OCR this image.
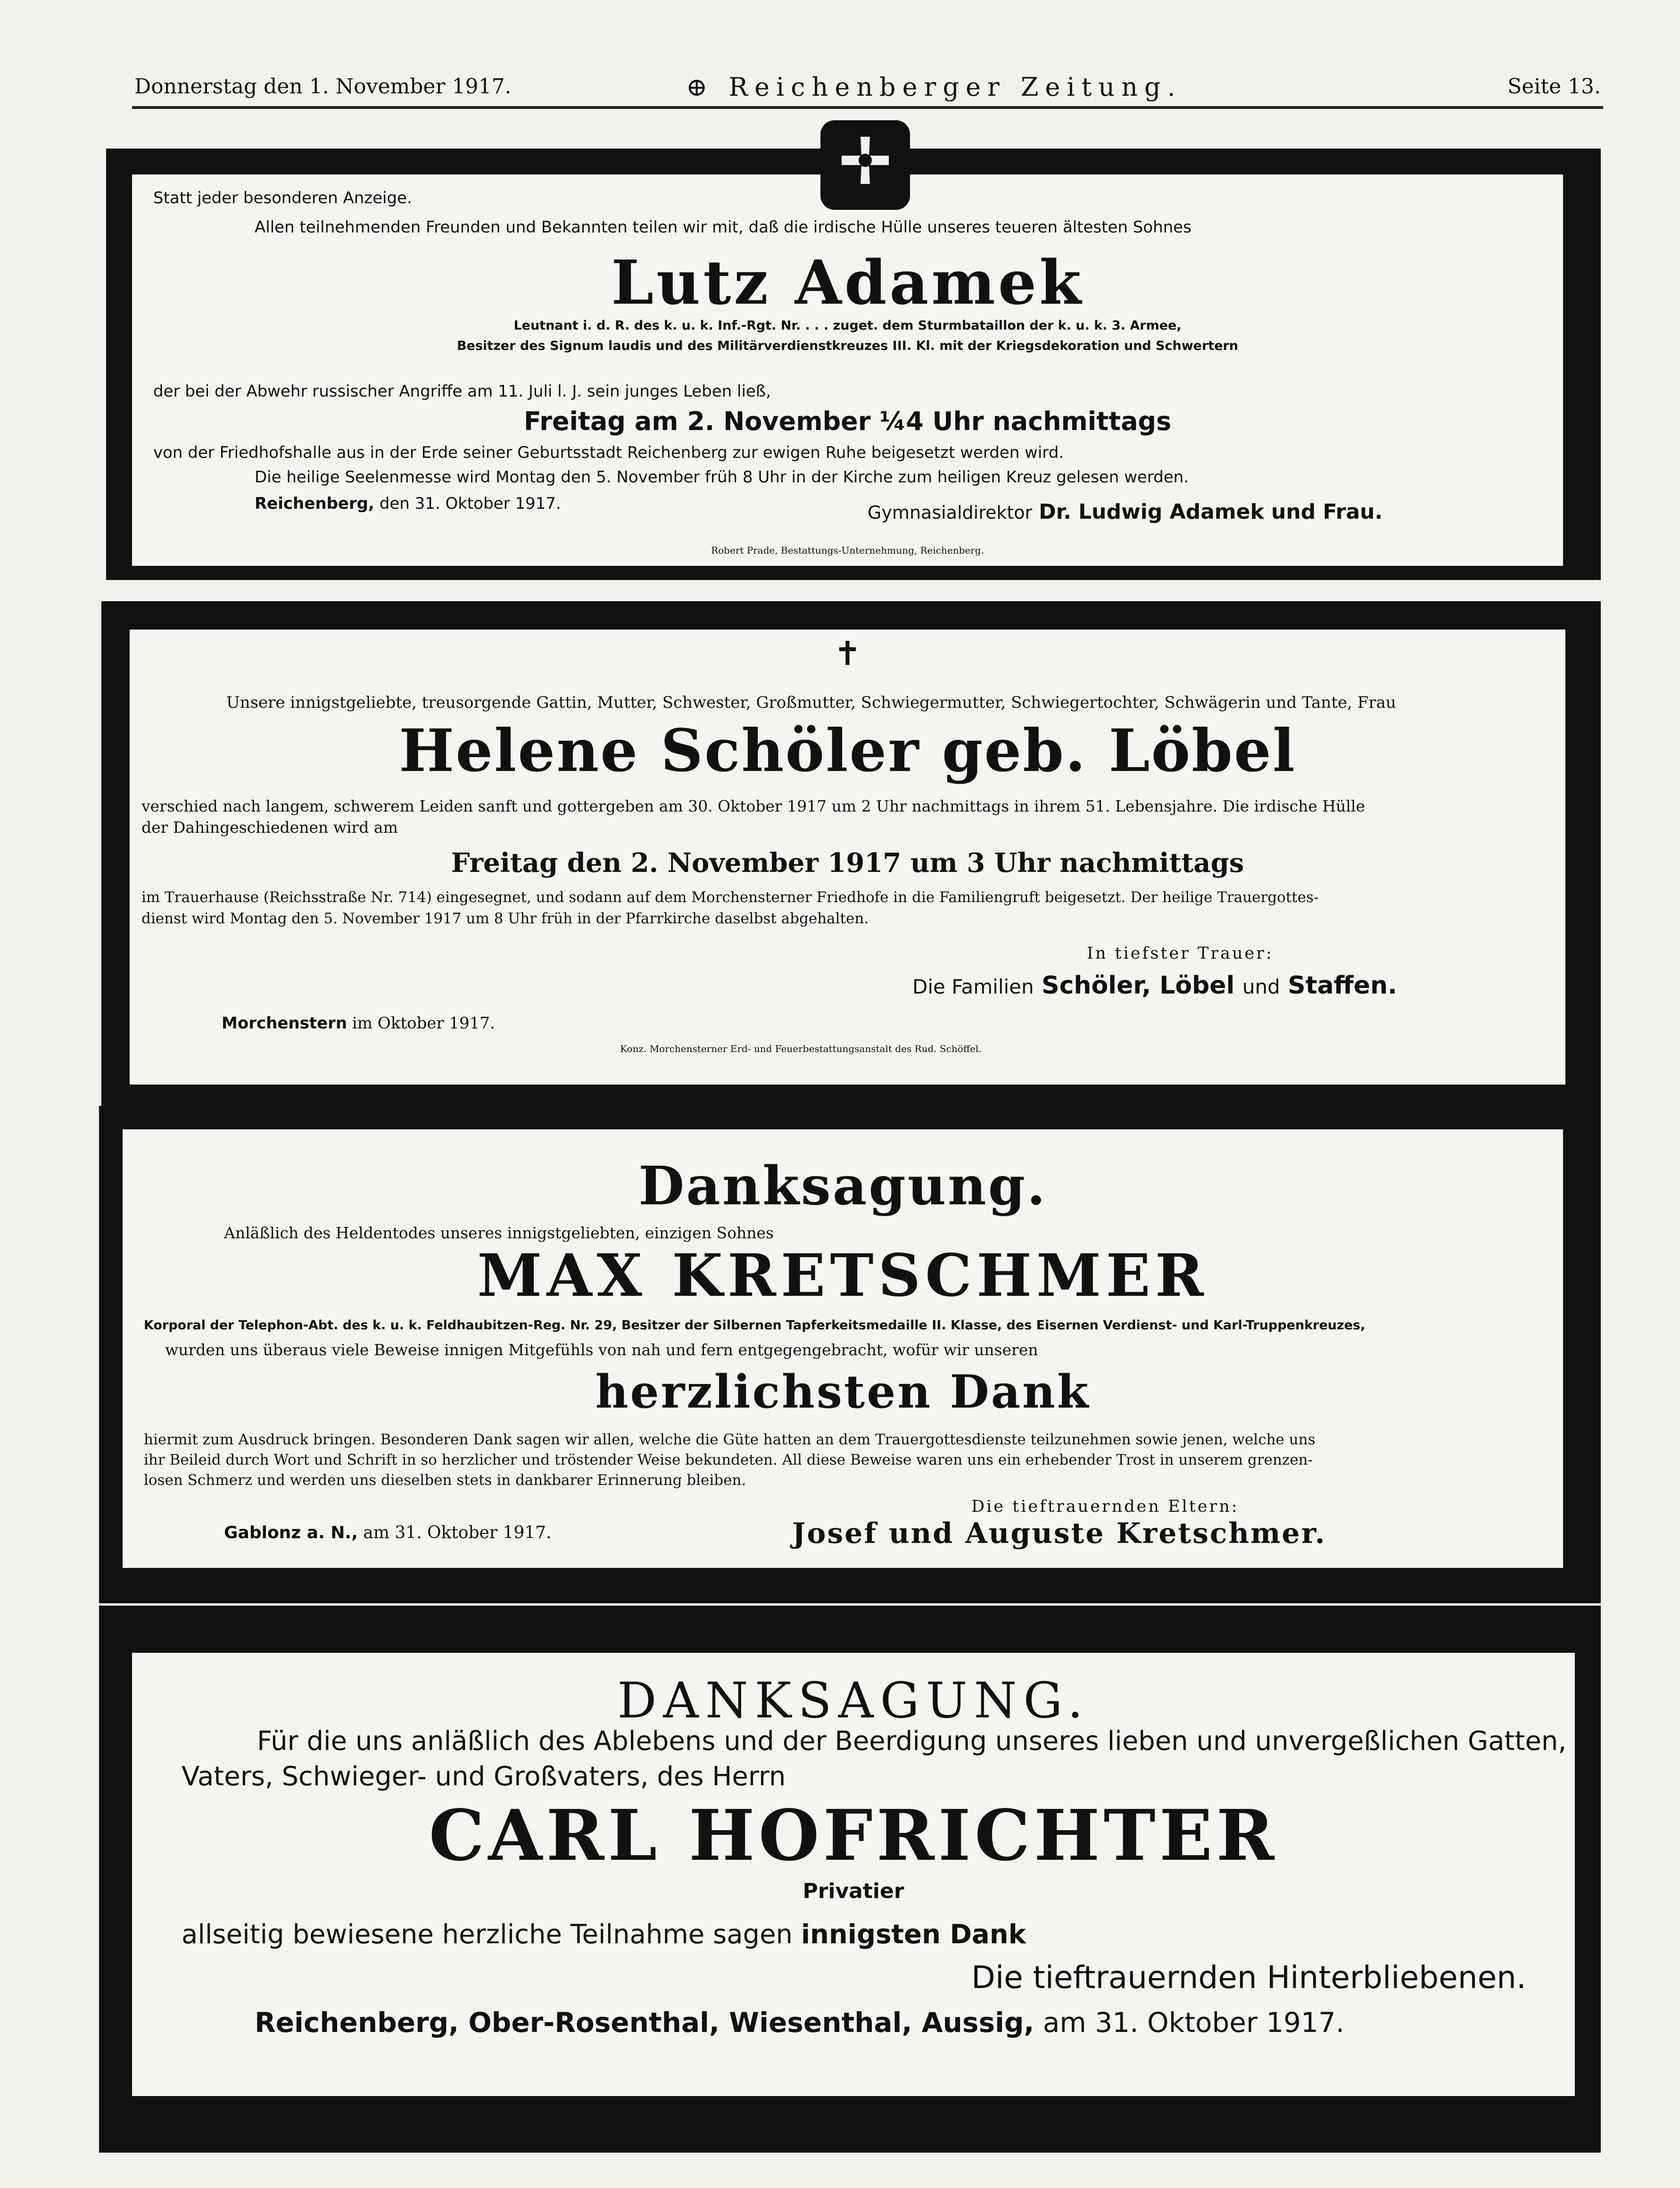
Donnerstag den 1. November 1917.	⊕ Reichenberger Zeitung.	Seite 13.
Statt jeder besonderen Anzeige.
Allen teilnehmenden Freunden und Bekannten teilen wir mit, daß die irdische Hülle unseres teueren ältesten Sohnes
Lutz Adamek
Leutnant i. d. R. des k. u. k. Inf.-Rgt. Nr. . . . zuget. dem Sturmbataillon der k. u. k. 3. Armee,
Besitzer des Signum laudis und des Militärverdienstkreuzes III. Kl. mit der Kriegsdekoration und Schwertern
der bei der Abwehr russischer Angriffe am 11. Juli l. J. sein junges Leben ließ,
Freitag am 2. November ¼4 Uhr nachmittags
von der Friedhofshalle aus in der Erde seiner Geburtsstadt Reichenberg zur ewigen Ruhe beigesetzt werden wird.
Die heilige Seelenmesse wird Montag den 5. November früh 8 Uhr in der Kirche zum heiligen Kreuz gelesen werden.
Reichenberg, den 31. Oktober 1917.	Gymnasialdirektor Dr. Ludwig Adamek und Frau.
Robert Prade, Bestattungs-Unternehmung, Reichenberg.
✝
Unsere innigstgeliebte, treusorgende Gattin, Mutter, Schwester, Großmutter, Schwiegermutter, Schwiegertochter, Schwägerin und Tante, Frau
Helene Schöler geb. Löbel
verschied nach langem, schwerem Leiden sanft und gottergeben am 30. Oktober 1917 um 2 Uhr nachmittags in ihrem 51. Lebensjahre. Die irdische Hülle
der Dahingeschiedenen wird am
Freitag den 2. November 1917 um 3 Uhr nachmittags
im Trauerhause (Reichsstraße Nr. 714) eingesegnet, und sodann auf dem Morchensterner Friedhofe in die Familiengruft beigesetzt. Der heilige Trauergottes-
dienst wird Montag den 5. November 1917 um 8 Uhr früh in der Pfarrkirche daselbst abgehalten.
In tiefster Trauer:
Die Familien Schöler, Löbel und Staffen.
Morchenstern im Oktober 1917.
Konz. Morchensterner Erd- und Feuerbestattungsanstalt des Rud. Schöffel.
Danksagung.
Anläßlich des Heldentodes unseres innigstgeliebten, einzigen Sohnes
MAX KRETSCHMER
Korporal der Telephon-Abt. des k. u. k. Feldhaubitzen-Reg. Nr. 29, Besitzer der Silbernen Tapferkeitsmedaille II. Klasse, des Eisernen Verdienst- und Karl-Truppenkreuzes,
wurden uns überaus viele Beweise innigen Mitgefühls von nah und fern entgegengebracht, wofür wir unseren
herzlichsten Dank
hiermit zum Ausdruck bringen. Besonderen Dank sagen wir allen, welche die Güte hatten an dem Trauergottesdienste teilzunehmen sowie jenen, welche uns
ihr Beileid durch Wort und Schrift in so herzlicher und tröstender Weise bekundeten. All diese Beweise waren uns ein erhebender Trost in unserem grenzen-
losen Schmerz und werden uns dieselben stets in dankbarer Erinnerung bleiben.
Die tieftrauernden Eltern:
Josef und Auguste Kretschmer.
Gablonz a. N., am 31. Oktober 1917.
DANKSAGUNG.
Für die uns anläßlich des Ablebens und der Beerdigung unseres lieben und unvergeßlichen Gatten,
Vaters, Schwieger- und Großvaters, des Herrn
CARL HOFRICHTER
Privatier
allseitig bewiesene herzliche Teilnahme sagen innigsten Dank
Die tieftrauernden Hinterbliebenen.
Reichenberg, Ober-Rosenthal, Wiesenthal, Aussig, am 31. Oktober 1917.
